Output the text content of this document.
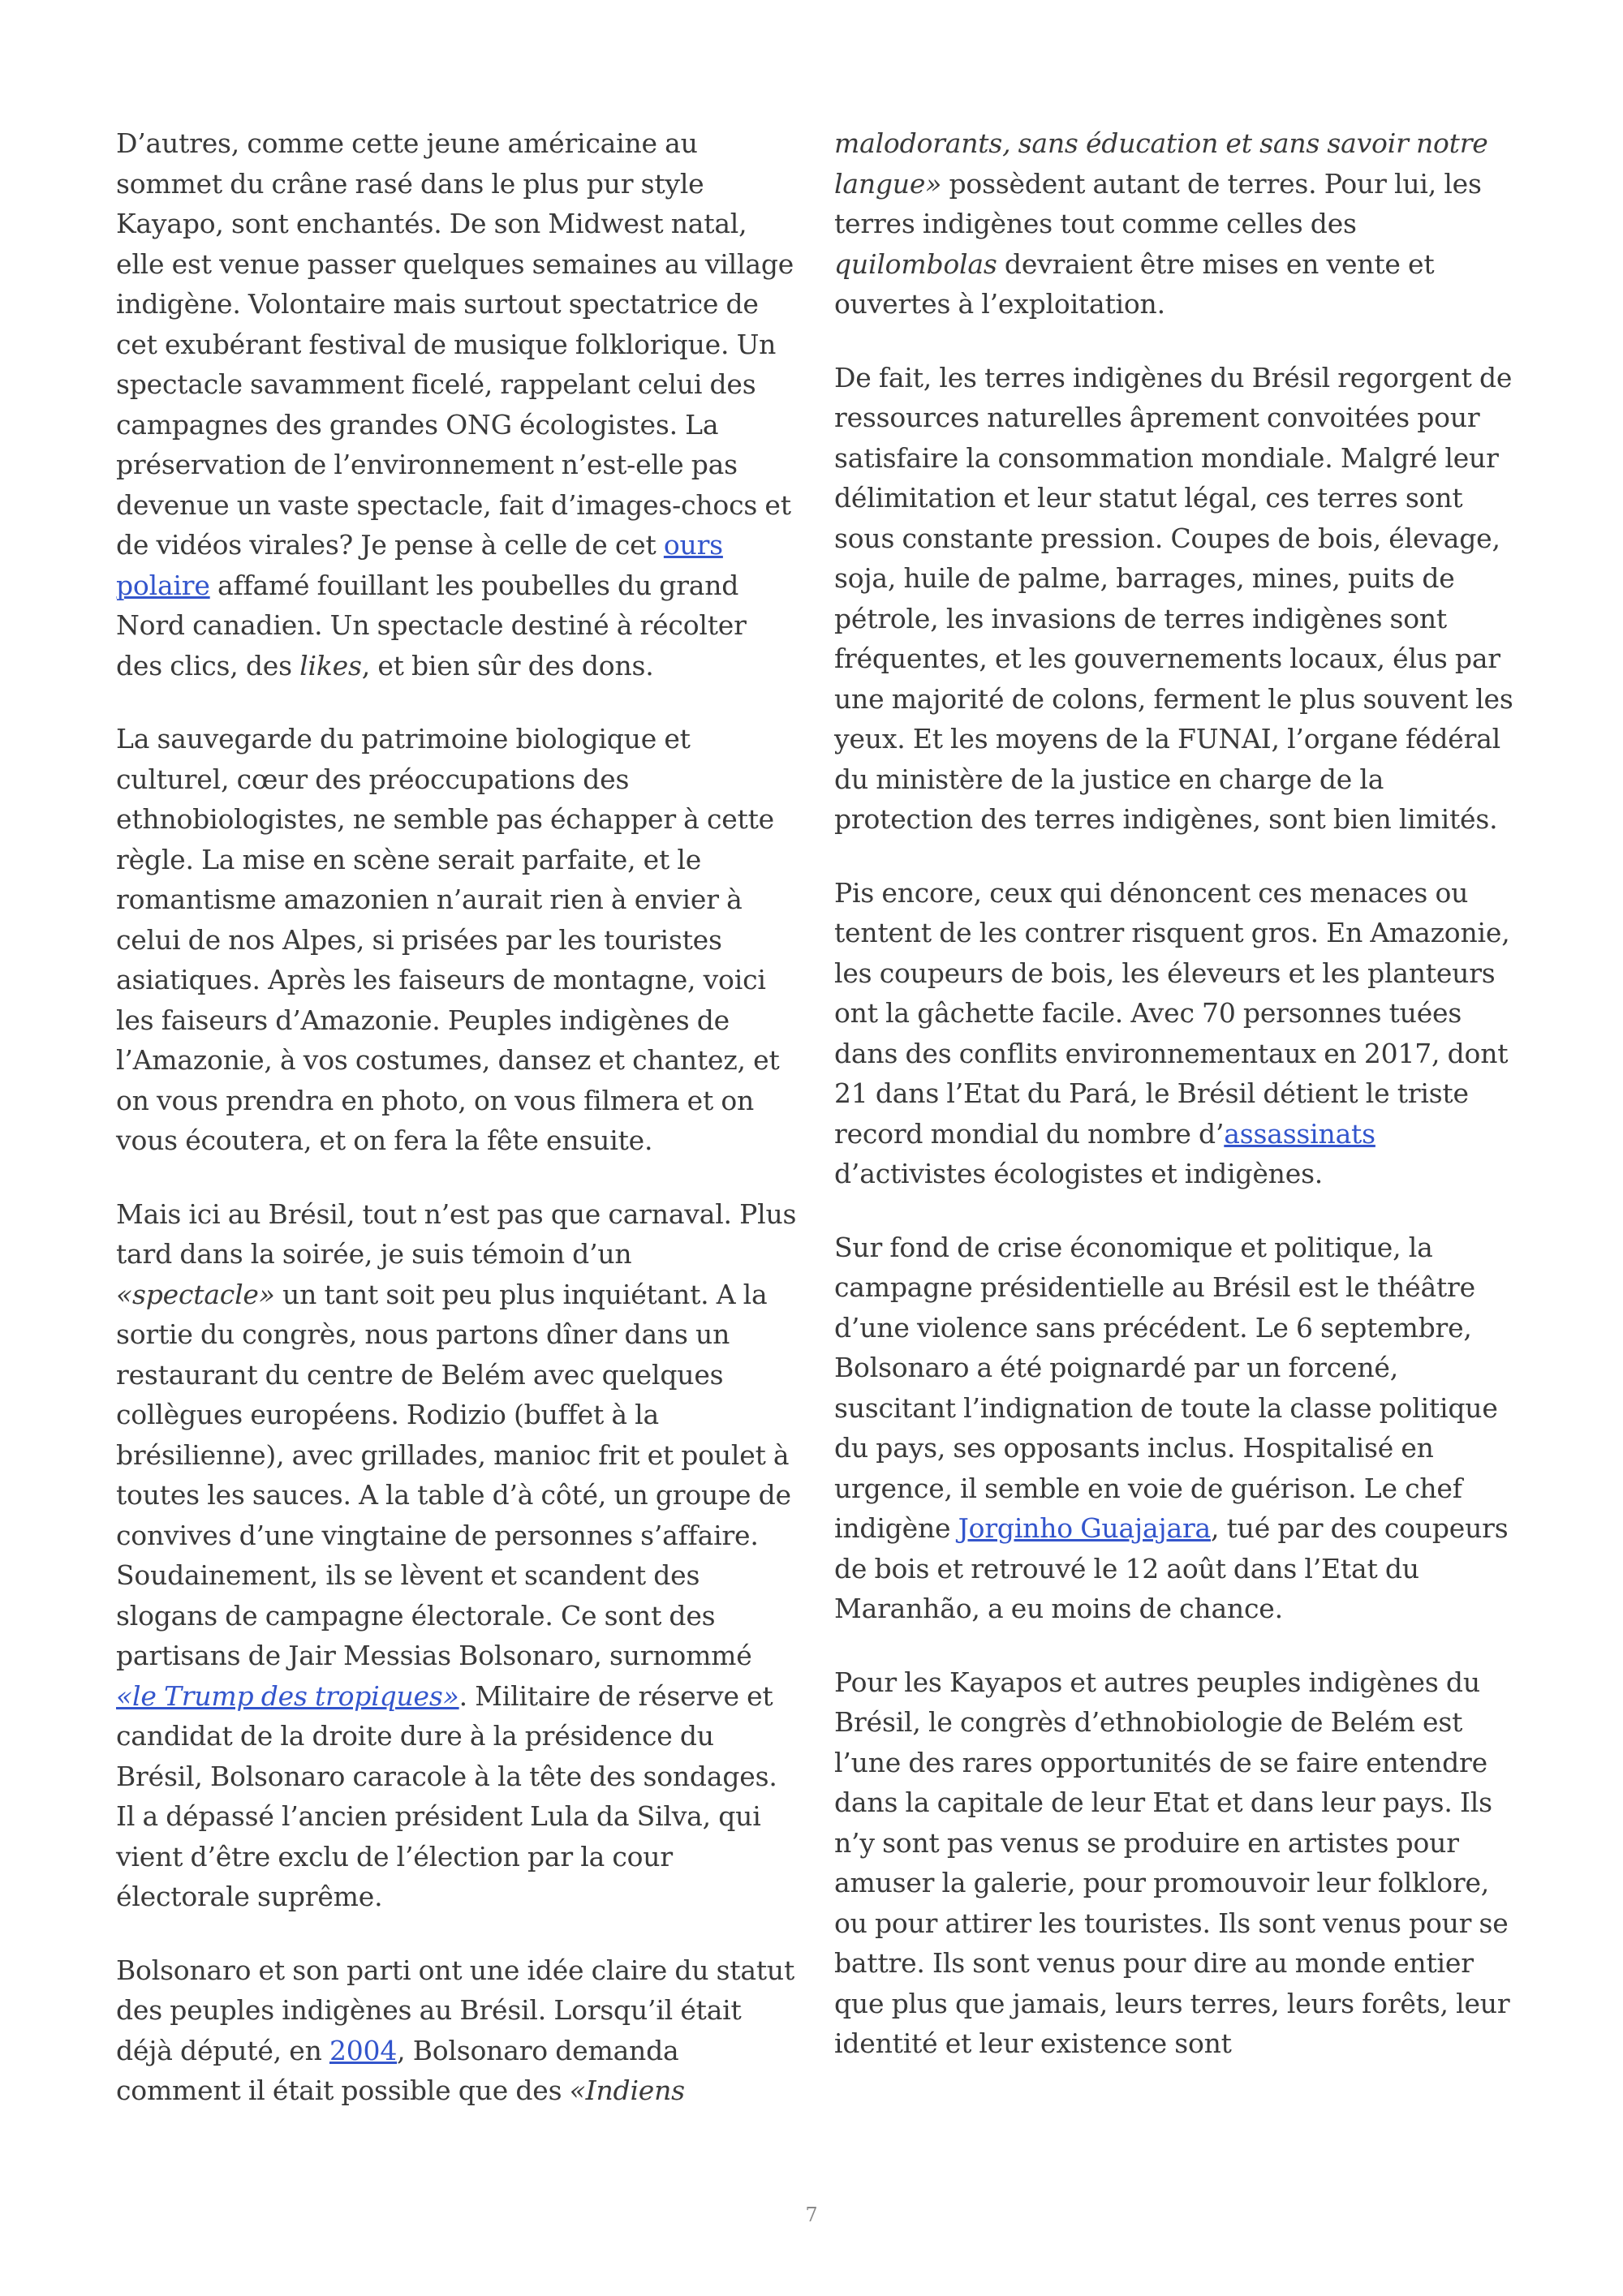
D’autres, comme cette jeune américaine au sommet du crâne rasé dans le plus pur style Kayapo, sont enchantés. De son Midwest natal, elle est venue passer quelques semaines au village indigène. Volontaire mais surtout spectatrice de cet exubérant festival de musique folklorique. Un spectacle savamment ficelé, rappelant celui des campagnes des grandes ONG écologistes. La préservation de l’environnement n’est-elle pas devenue un vaste spectacle, fait d’images-chocs et de vidéos virales? Je pense à celle de cet ours polaire affamé fouillant les poubelles du grand Nord canadien. Un spectacle destiné à récolter des clics, des likes, et bien sûr des dons.

La sauvegarde du patrimoine biologique et culturel, cœur des préoccupations des ethnobiologistes, ne semble pas échapper à cette règle. La mise en scène serait parfaite, et le romantisme amazonien n’aurait rien à envier à celui de nos Alpes, si prisées par les touristes asiatiques. Après les faiseurs de montagne, voici les faiseurs d’Amazonie. Peuples indigènes de l’Amazonie, à vos costumes, dansez et chantez, et on vous prendra en photo, on vous filmera et on vous écoutera, et on fera la fête ensuite.

Mais ici au Brésil, tout n’est pas que carnaval. Plus tard dans la soirée, je suis témoin d’un «spectacle» un tant soit peu plus inquiétant. A la sortie du congrès, nous partons dîner dans un restaurant du centre de Belém avec quelques collègues européens. Rodizio (buffet à la brésilienne), avec grillades, manioc frit et poulet à toutes les sauces. A la table d’à côté, un groupe de convives d’une vingtaine de personnes s’affaire. Soudainement, ils se lèvent et scandent des slogans de campagne électorale. Ce sont des partisans de Jair Messias Bolsonaro, surnommé «le Trump des tropiques». Militaire de réserve et candidat de la droite dure à la présidence du Brésil, Bolsonaro caracole à la tête des sondages. Il a dépassé l’ancien président Lula da Silva, qui vient d’être exclu de l’élection par la cour électorale suprême.

Bolsonaro et son parti ont une idée claire du statut des peuples indigènes au Brésil. Lorsqu’il était déjà député, en 2004, Bolsonaro demanda comment il était possible que des «Indiens

malodorants, sans éducation et sans savoir notre langue» possèdent autant de terres. Pour lui, les terres indigènes tout comme celles des quilombolas devraient être mises en vente et ouvertes à l’exploitation.

De fait, les terres indigènes du Brésil regorgent de ressources naturelles âprement convoitées pour satisfaire la consommation mondiale. Malgré leur délimitation et leur statut légal, ces terres sont sous constante pression. Coupes de bois, élevage, soja, huile de palme, barrages, mines, puits de pétrole, les invasions de terres indigènes sont fréquentes, et les gouvernements locaux, élus par une majorité de colons, ferment le plus souvent les yeux. Et les moyens de la FUNAI, l’organe fédéral du ministère de la justice en charge de la protection des terres indigènes, sont bien limités.

Pis encore, ceux qui dénoncent ces menaces ou tentent de les contrer risquent gros. En Amazonie, les coupeurs de bois, les éleveurs et les planteurs ont la gâchette facile. Avec 70 personnes tuées dans des conflits environnementaux en 2017, dont 21 dans l’Etat du Pará, le Brésil détient le triste record mondial du nombre d’assassinats d’activistes écologistes et indigènes.

Sur fond de crise économique et politique, la campagne présidentielle au Brésil est le théâtre d’une violence sans précédent. Le 6 septembre, Bolsonaro a été poignardé par un forcené, suscitant l’indignation de toute la classe politique du pays, ses opposants inclus. Hospitalisé en urgence, il semble en voie de guérison. Le chef indigène Jorginho Guajajara, tué par des coupeurs de bois et retrouvé le 12 août dans l’Etat du Maranhão, a eu moins de chance.

Pour les Kayapos et autres peuples indigènes du Brésil, le congrès d’ethnobiologie de Belém est l’une des rares opportunités de se faire entendre dans la capitale de leur Etat et dans leur pays. Ils n’y sont pas venus se produire en artistes pour amuser la galerie, pour promouvoir leur folklore, ou pour attirer les touristes. Ils sont venus pour se battre. Ils sont venus pour dire au monde entier que plus que jamais, leurs terres, leurs forêts, leur identité et leur existence sont

7
